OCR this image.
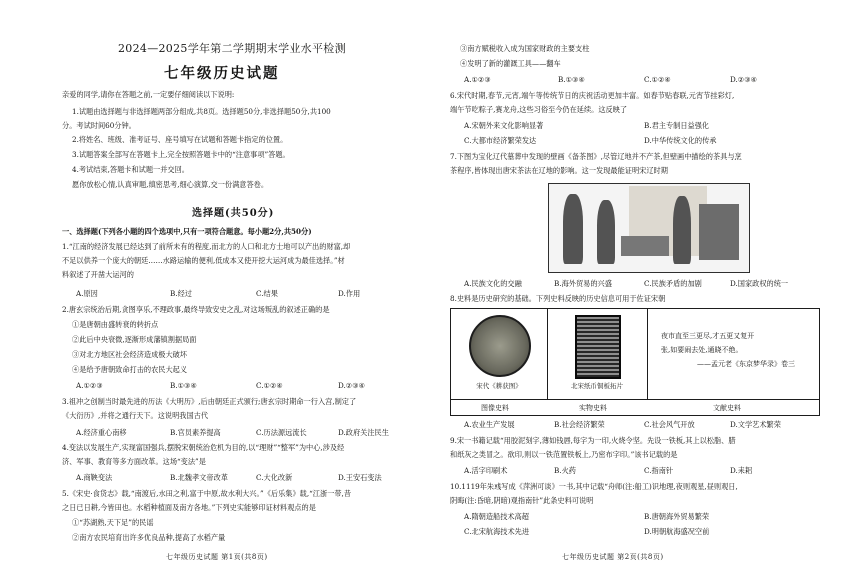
2024—2025学年第二学期期末学业水平检测
七年级历史试题
亲爱的同学,请你在答题之前,一定要仔细阅读以下说明:
1.试题由选择题与非选择题两部分组成,共8页。选择题50分,非选择题50分,共100
分。考试时间60分钟。
2.将姓名、班级、准考证号、座号填写在试题和答题卡指定的位置。
3.试题答案全部写在答题卡上,完全按照答题卡中的“注意事项”答题。
4.考试结束,答题卡和试题一并交回。
愿你放松心情,认真审题,缜密思考,细心演算,交一份满意答卷。
选择题(共50分)
一、选择题(下列各小题的四个选项中,只有一项符合题意。每小题2分,共50分)
1.“江南的经济发展已经达到了前所未有的程度,而北方的人口和北方士地可以产出的财富,却
不足以供养一个庞大的朝廷……水路运输的便利,低成本又使开挖大运河成为最佳选择。”材
料叙述了开凿大运河的
A.原因	B.经过	C.结果	D.作用
2.唐玄宗统治后期,贪图享乐,不理政事,最终导致安史之乱,对这场叛乱的叙述正确的是
①是唐朝由盛转衰的转折点
②此后中央衰微,逐渐形成藩镇割据局面
③对北方地区社会经济造成极大破坏
④是给予唐朝致命打击的农民大起义
A.①②③	B.①③④	C.①②④	D.②③④
3.祖冲之创制当时最先进的历法《大明历》,后由朝廷正式颁行;唐玄宗时期命一行入宫,制定了
《大衍历》,并将之通行天下。这说明我国古代
A.经济重心南移	B.官员素养提高	C.历法源远流长	D.政府关注民生
4.变法以发展生产,实现富国强兵,摆脱宋朝统治危机为目的,以“理财”“整军”为中心,涉及经
济、军事、教育等多方面改革。这场“变法”是
A.商鞅变法	B.北魏孝文帝改革	C.大化改新	D.王安石变法
5.《宋史·食货志》载,“南渡后,水田之利,富于中原,故水利大兴。”《后乐集》载,“江浙一带,昔
之日已日耕,今皆田也。水稻种植面及南方各地。”下列史实能够印证材料观点的是
①“苏湖熟,天下足”的民谣
②南方农民培育出许多优良品种,提高了水稻产量
七年级历史试题 第1页(共8页)
③南方赋税收入成为国家财政的主要支柱
④发明了新的灌溉工具——翻车
A.①②③	B.①③④	C.①②④	D.②③④
6.宋代时期,春节,元宵,端午等传统节日的庆祝活动更加丰富。如春节贴春联,元宵节挂彩灯,
端午节吃粽子,赛龙舟,这些习俗至今仍在延续。这反映了
A.宋朝外来文化影响显著	B.君主专制日益强化
C.大都市经济繁荣发达	D.中华传统文化的传承
7.下图为宝化辽代墓葬中发现的壁画《备茶图》,尽管辽地并不产茶,但壁画中描绘的茶具与烹
茶程序,皆体现出唐宋茶法在辽地的影响。这一发现最能证明宋辽时期
A.民族文化的交融	B.海外贸易的兴盛	C.民族矛盾的加剧	D.国家政权的统一
8.史料是历史研究的基础。下列史料反映的历史信息可用于佐证宋朝
宋代《耕获图》	北宋纸币铜板拓片
夜市直至三更尽,才五更又复开
张,如要闹去处,通晓不绝。
——孟元老《东京梦华录》卷三
图像史料	实物史料	文献史料
A.农业生产发展	B.社会经济繁荣	C.社会风气开放	D.文学艺术繁荣
9.宋一书籍记载“用胶泥刻字,薄如钱唇,每字为一印,火烧令坚。先设一铁板,其上以松脂、腊
和纸灰之类冒之。欲印,则以一铁范置铁板上,乃密布字印。”该书记载的是
A.活字印刷术	B.火药	C.指南针	D.耒耜
10.1119年朱彧写成《萍洲可谈》一书,其中记载“舟师(注:船工)识地理,夜则观星,昼则观日,
阴晦(注:昏暗,阴暗)观指南针”此条史料可说明
A.隋朝造船技术高超	B.唐朝海外贸易繁荣
C.北宋航海技术先进	D.明朝航海盛况空前
七年级历史试题 第2页(共8页)
